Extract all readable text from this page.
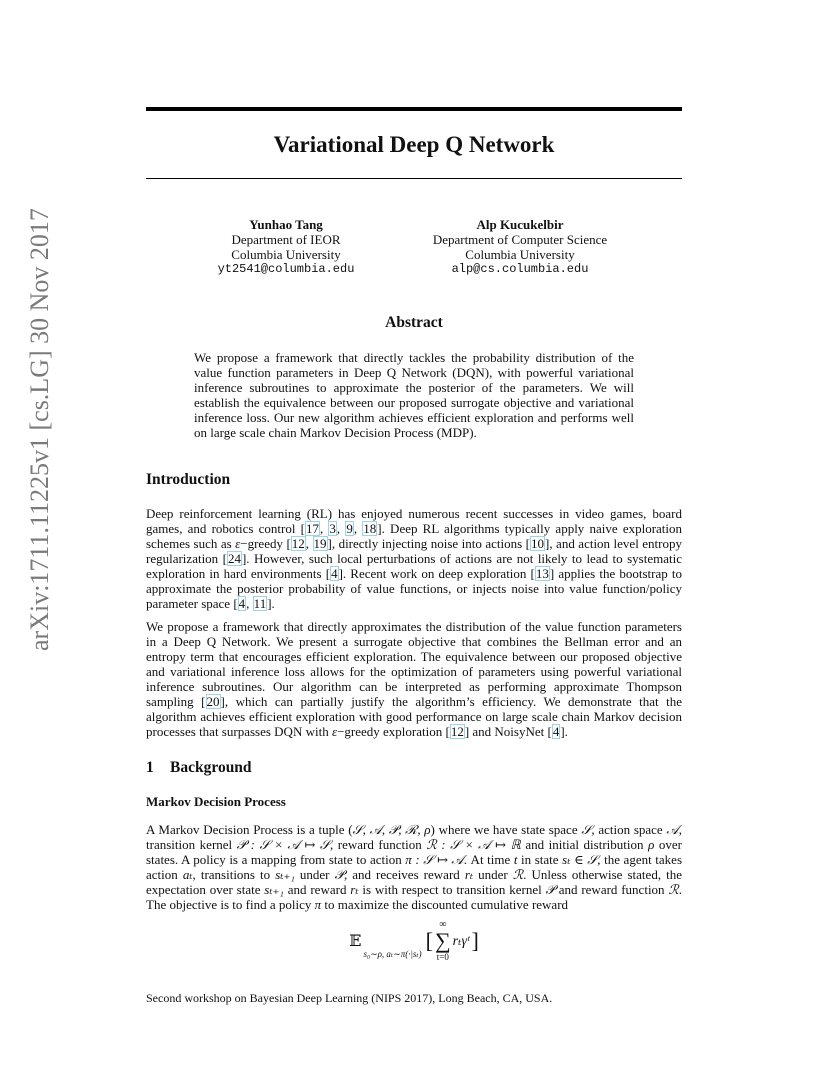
arXiv:1711.11225v1 [cs.LG] 30 Nov 2017
Variational Deep Q Network
Yunhao Tang
Department of IEOR
Columbia University
yt2541@columbia.edu
Alp Kucukelbir
Department of Computer Science
Columbia University
alp@cs.columbia.edu
Abstract

We propose a framework that directly tackles the probability distribution of the value function parameters in Deep Q Network (DQN), with powerful variational inference subroutines to approximate the posterior of the parameters. We will establish the equivalence between our proposed surrogate objective and variational inference loss. Our new algorithm achieves efficient exploration and performs well on large scale chain Markov Decision Process (MDP).

Introduction

Deep reinforcement learning (RL) has enjoyed numerous recent successes in video games, board games, and robotics control [17, 3, 9, 18]. Deep RL algorithms typically apply naive exploration schemes such as ε−greedy [12, 19], directly injecting noise into actions [10], and action level entropy regularization [24]. However, such local perturbations of actions are not likely to lead to systematic exploration in hard environments [4]. Recent work on deep exploration [13] applies the bootstrap to approximate the posterior probability of value functions, or injects noise into value function/policy parameter space [4, 11].

We propose a framework that directly approximates the distribution of the value function parameters in a Deep Q Network. We present a surrogate objective that combines the Bellman error and an entropy term that encourages efficient exploration. The equivalence between our proposed objective and variational inference loss allows for the optimization of parameters using powerful variational inference subroutines. Our algorithm can be interpreted as performing approximate Thompson sampling [20], which can partially justify the algorithm’s efficiency. We demonstrate that the algorithm achieves efficient exploration with good performance on large scale chain Markov decision processes that surpasses DQN with ε−greedy exploration [12] and NoisyNet [4].

1 Background
Markov Decision Process

A Markov Decision Process is a tuple (𝒮, 𝒜, 𝒫, ℛ, ρ) where we have state space 𝒮, action space 𝒜, transition kernel 𝒫 : 𝒮 × 𝒜 ↦ 𝒮, reward function ℛ : 𝒮 × 𝒜 ↦ ℝ and initial distribution ρ over states. A policy is a mapping from state to action π : 𝒮 ↦ 𝒜. At time t in state sₜ ∈ 𝒮, the agent takes action aₜ, transitions to sₜ₊₁ under 𝒫, and receives reward rₜ under ℛ. Unless otherwise stated, the expectation over state sₜ₊₁ and reward rₜ is with respect to transition kernel 𝒫 and reward function ℛ. The objective is to find a policy π to maximize the discounted cumulative reward

𝔼
s₀∼ρ, aₜ∼π(·|sₜ)
[
∞
∑
t=0
rₜγᵗ ]

Second workshop on Bayesian Deep Learning (NIPS 2017), Long Beach, CA, USA.
